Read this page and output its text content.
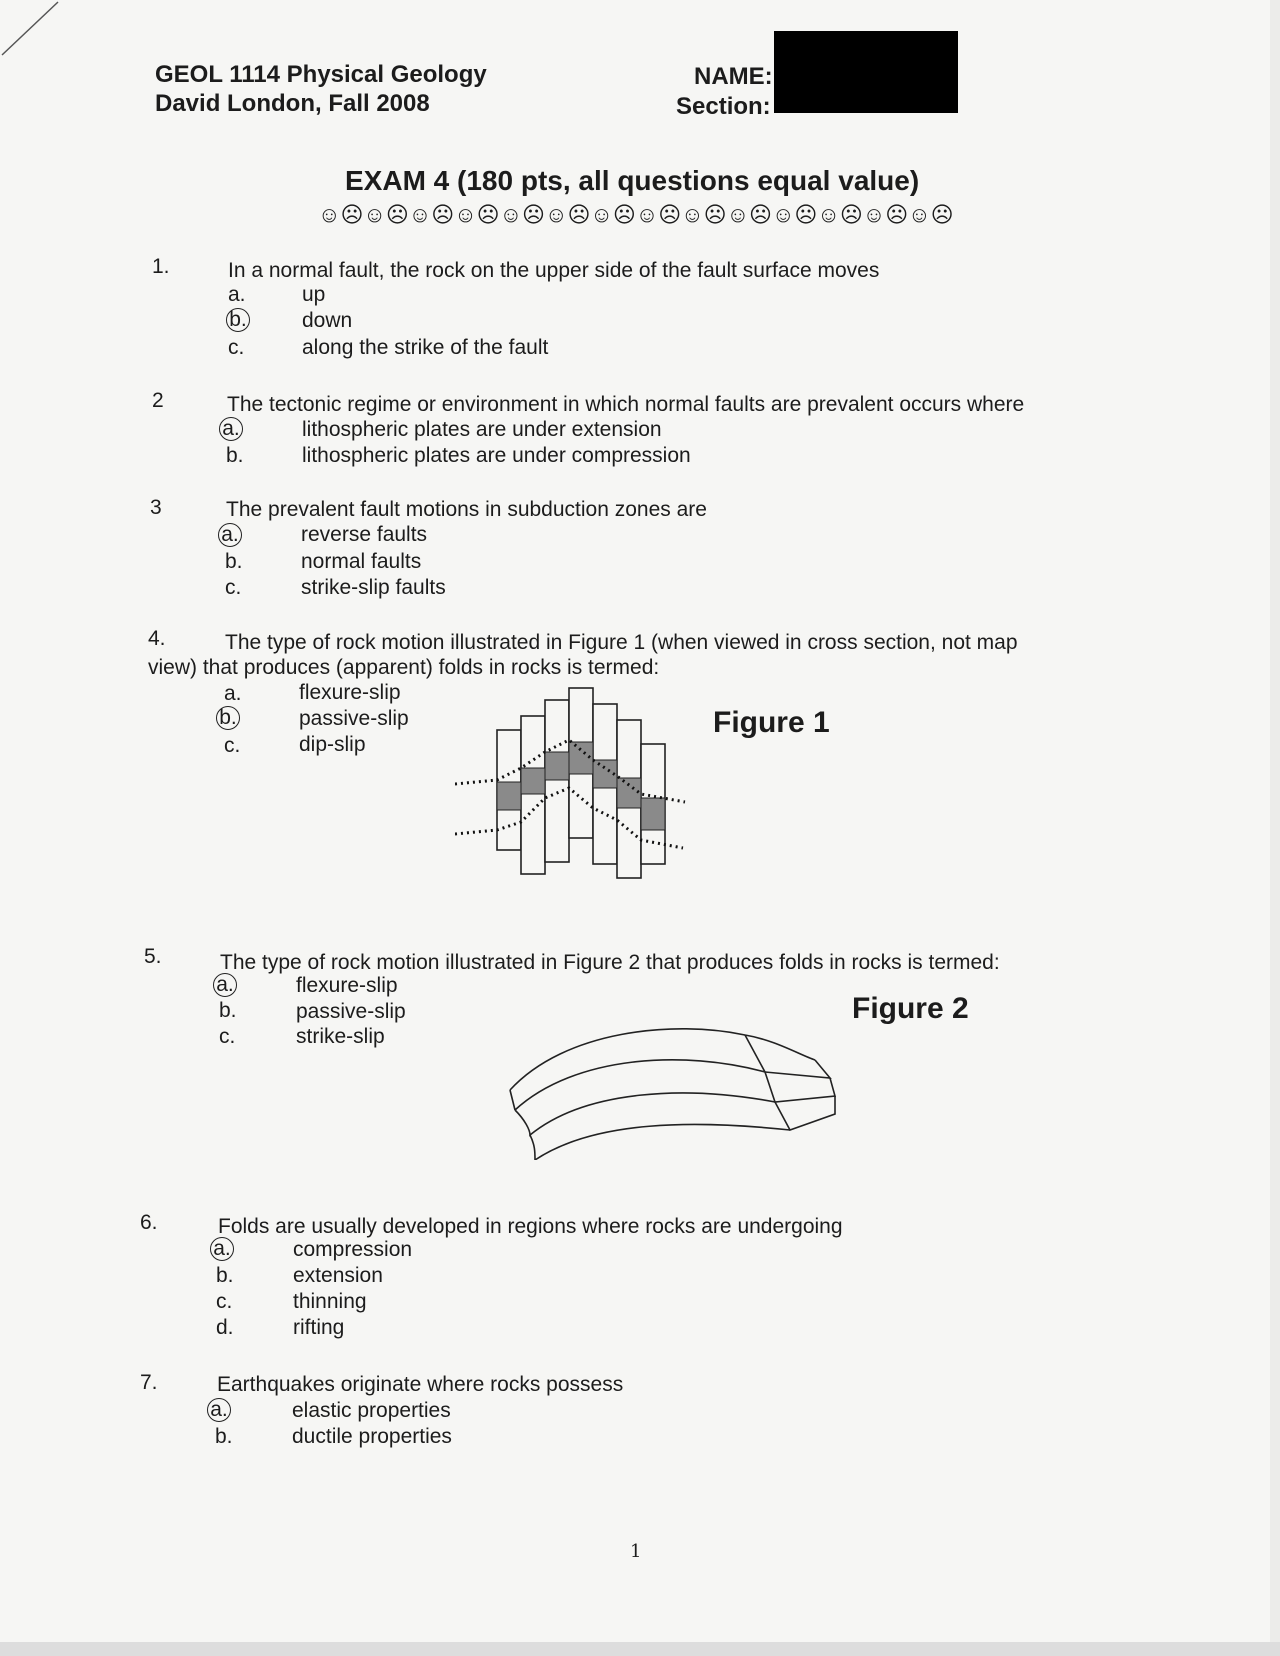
GEOL 1114 Physical Geology
David London, Fall 2008
NAME:
Section:
EXAM 4 (180 pts, all questions equal value)
☺☹☺☹☺☹☺☹☺☹☺☹☺☹☺☹☺☹☺☹☺☹☺☹☺☹☺☹
1.	In a normal fault, the rock on the upper side of the fault surface moves
a.	up
b.	down
c.	along the strike of the fault
2	The tectonic regime or environment in which normal faults are prevalent occurs where
a.	lithospheric plates are under extension
b.	lithospheric plates are under compression
3	The prevalent fault motions in subduction zones are
a.	reverse faults
b.	normal faults
c.	strike-slip faults
4.	The type of rock motion illustrated in Figure 1 (when viewed in cross section, not map
view) that produces (apparent) folds in rocks is termed:
a.	flexure-slip
b.	passive-slip
c.	dip-slip
Figure 1
5.	The type of rock motion illustrated in Figure 2 that produces folds in rocks is termed:
a.	flexure-slip
b.	passive-slip
c.	strike-slip
Figure 2
6.	Folds are usually developed in regions where rocks are undergoing
a.	compression
b.	extension
c.	thinning
d.	rifting
7.	Earthquakes originate where rocks possess
a.	elastic properties
b.	ductile properties
1
